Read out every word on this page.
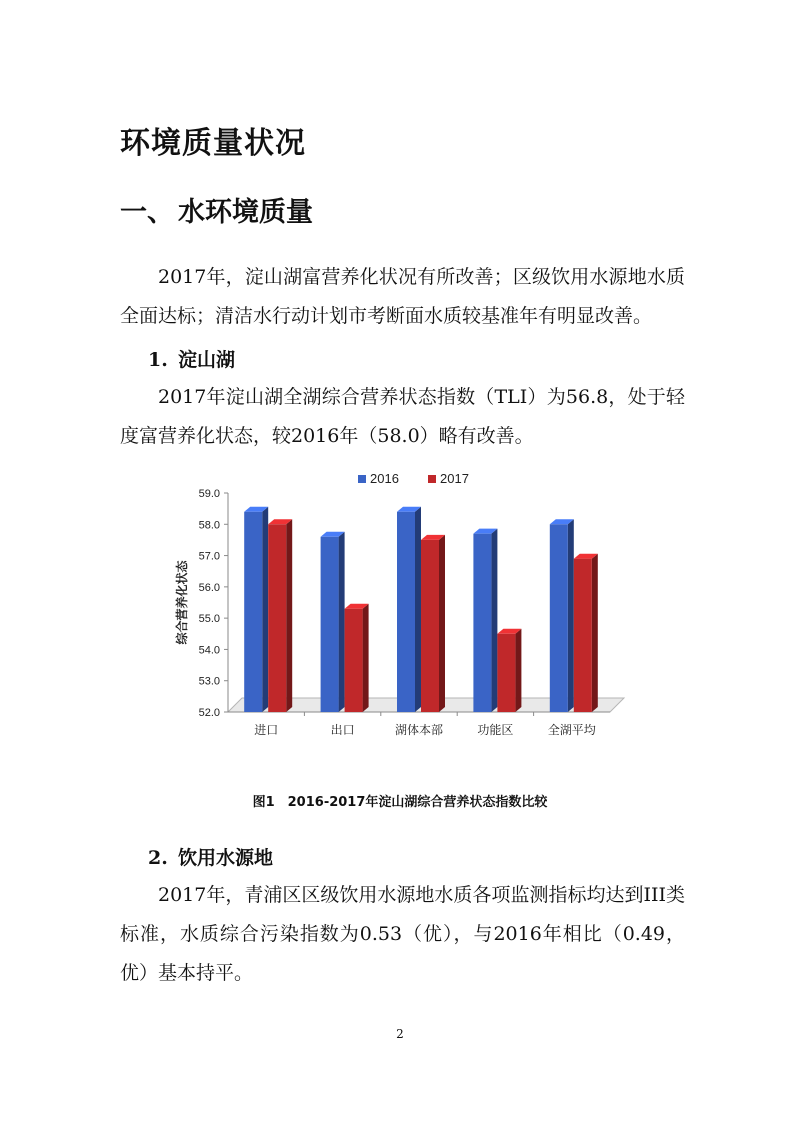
环境质量状况
一、 水环境质量

2017年，淀山湖富营养化状况有所改善；区级饮用水源地水质全面达标；清洁水行动计划市考断面水质较基准年有明显改善。

1. 淀山湖

2017年淀山湖全湖综合营养状态指数（TLI）为56.8，处于轻度富营养化状态，较2016年（58.0）略有改善。

52.0
53.0
54.0
55.0
56.0
57.0
58.0
59.0
综合营养化状态
进口	出口	湖体本部	功能区	全湖平均
2016	2017
图1　2016-2017年淀山湖综合营养状态指数比较
2. 饮用水源地

2017年，青浦区区级饮用水源地水质各项监测指标均达到III类标准，水质综合污染指数为0.53（优），与2016年相比（0.49，优）基本持平。

2
